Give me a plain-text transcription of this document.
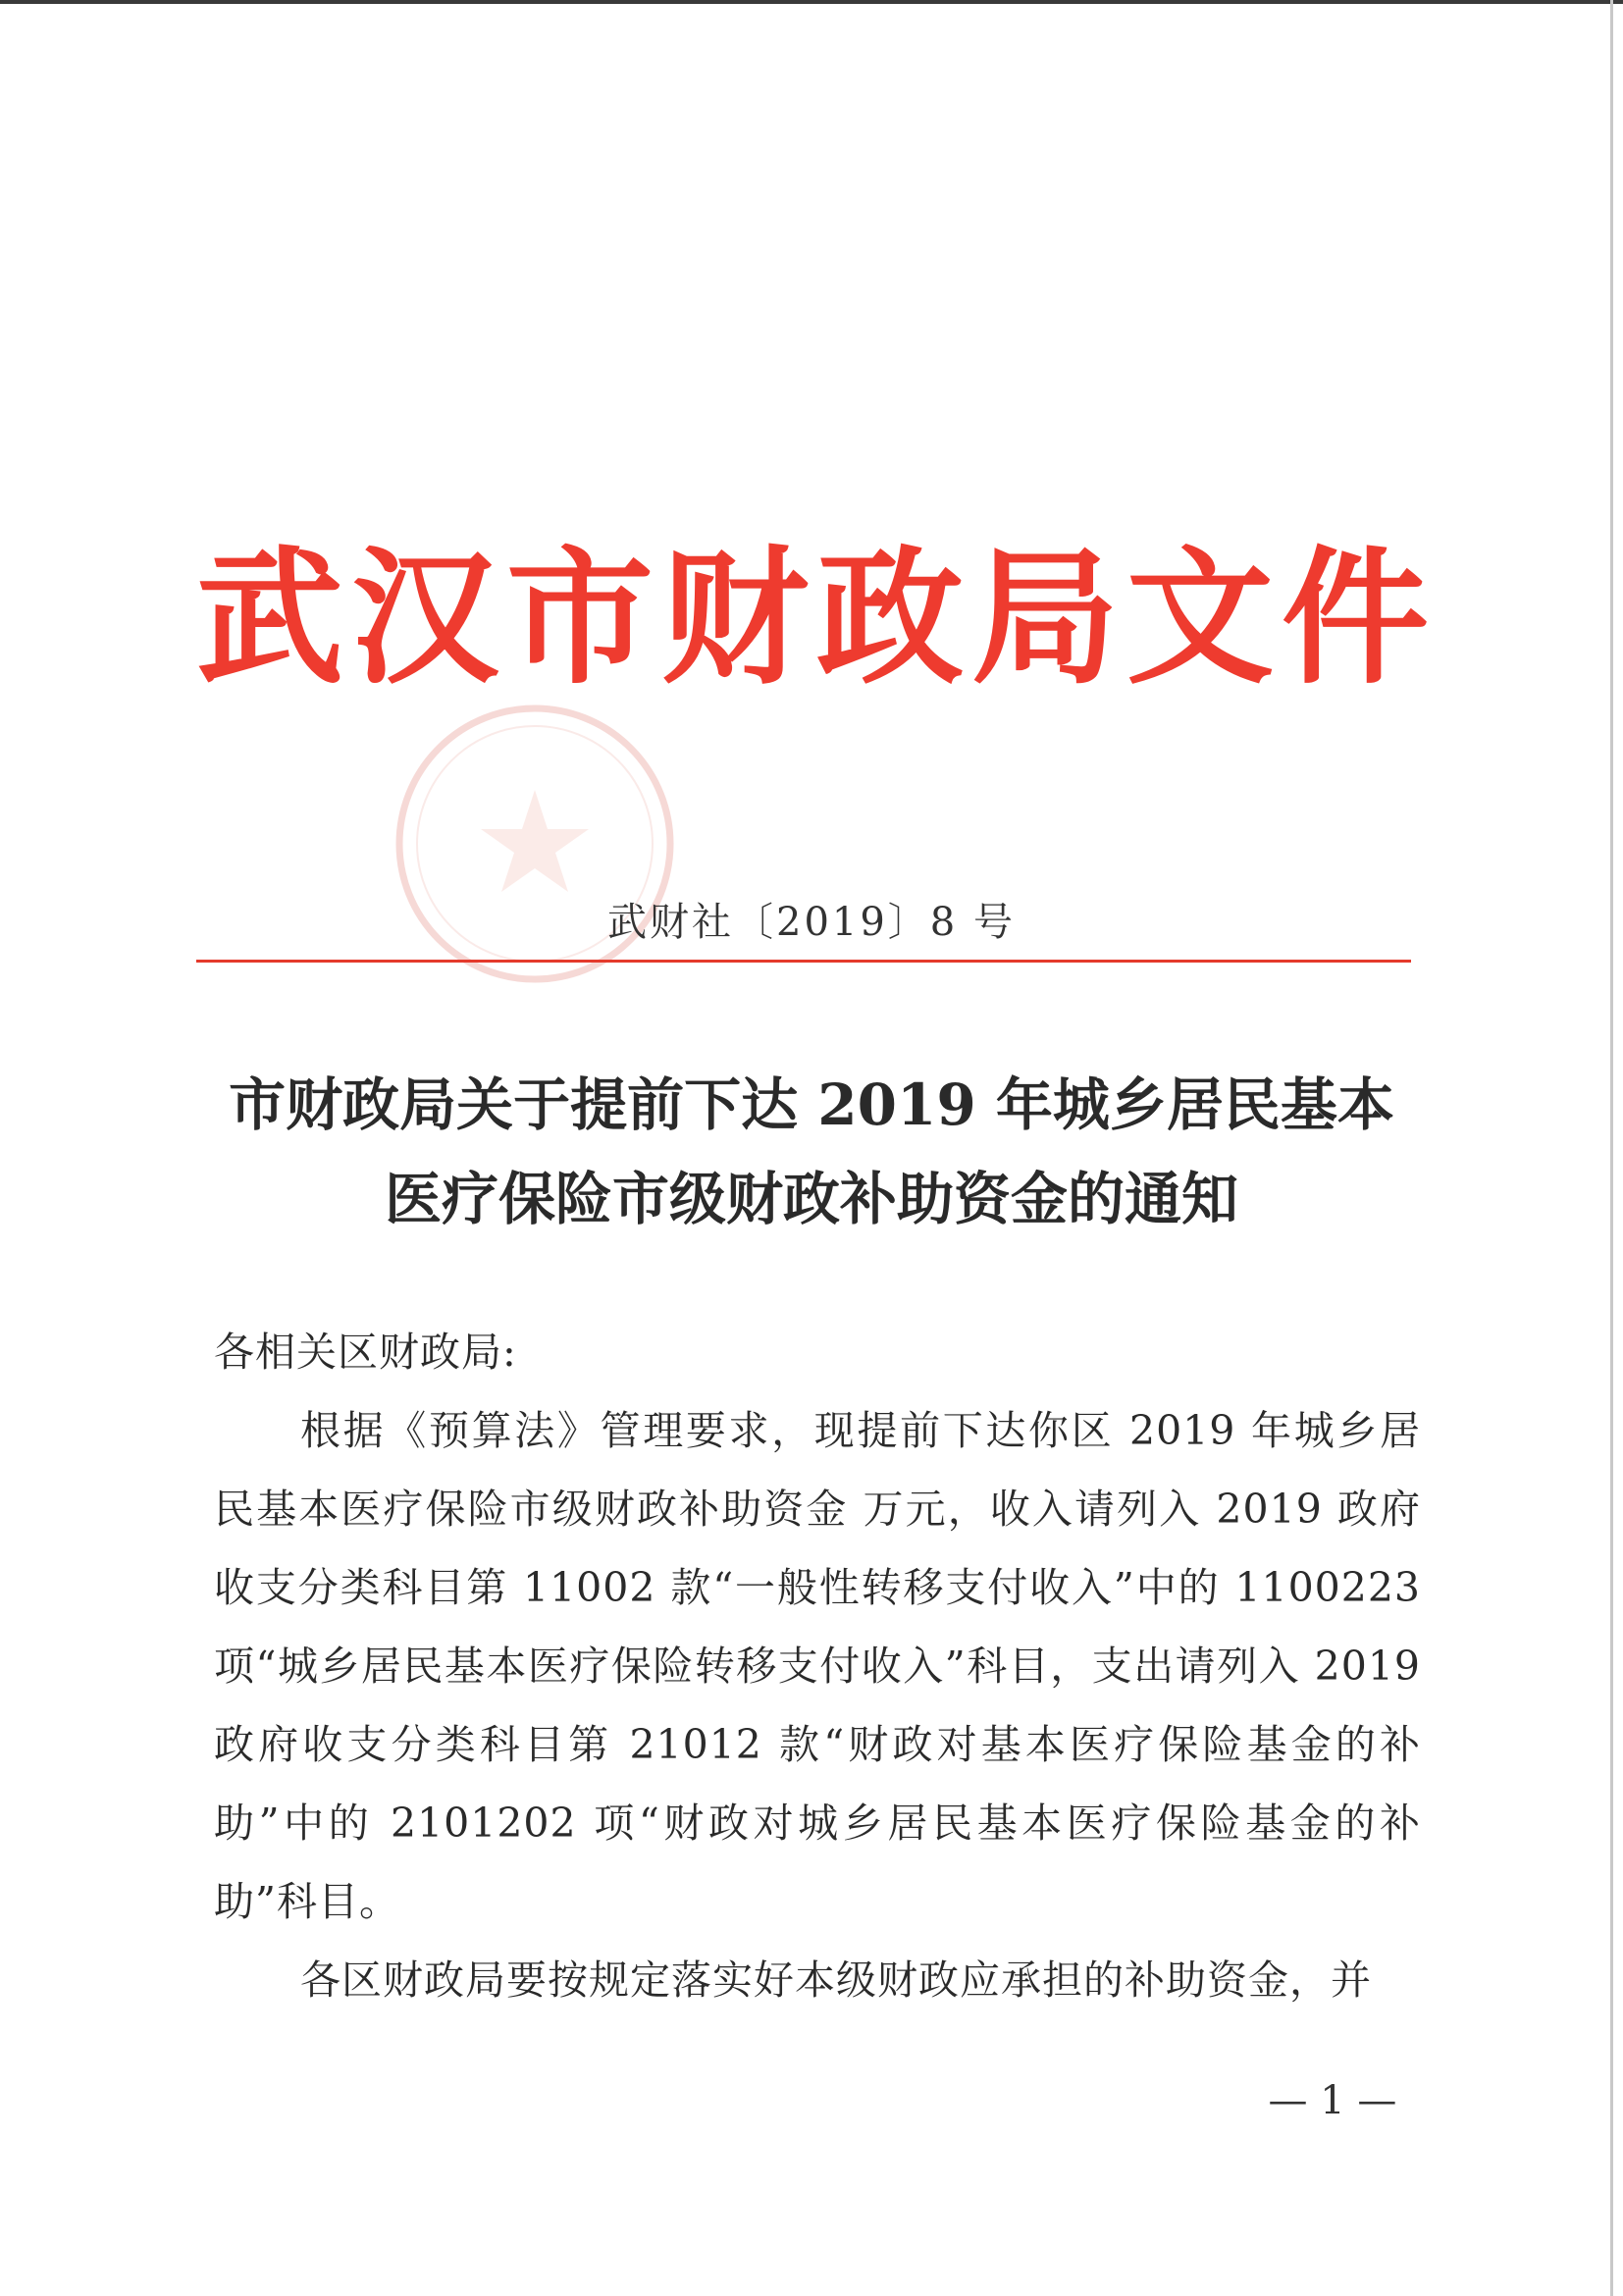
武汉市财政局文件
武财社〔2019〕8 号
市财政局关于提前下达 2019 年城乡居民基本
医疗保险市级财政补助资金的通知

各相关区财政局:

根据《预算法》管理要求，现提前下达你区 2019 年城乡居民基本医疗保险市级财政补助资金 万元，收入请列入 2019 政府收支分类科目第 11002 款“一般性转移支付收入”中的 1100223 项“城乡居民基本医疗保险转移支付收入”科目，支出请列入 2019 政府收支分类科目第 21012 款“财政对基本医疗保险基金的补助”中的 2101202 项“财政对城乡居民基本医疗保险基金的补助”科目。

各区财政局要按规定落实好本级财政应承担的补助资金，并

— 1 —
